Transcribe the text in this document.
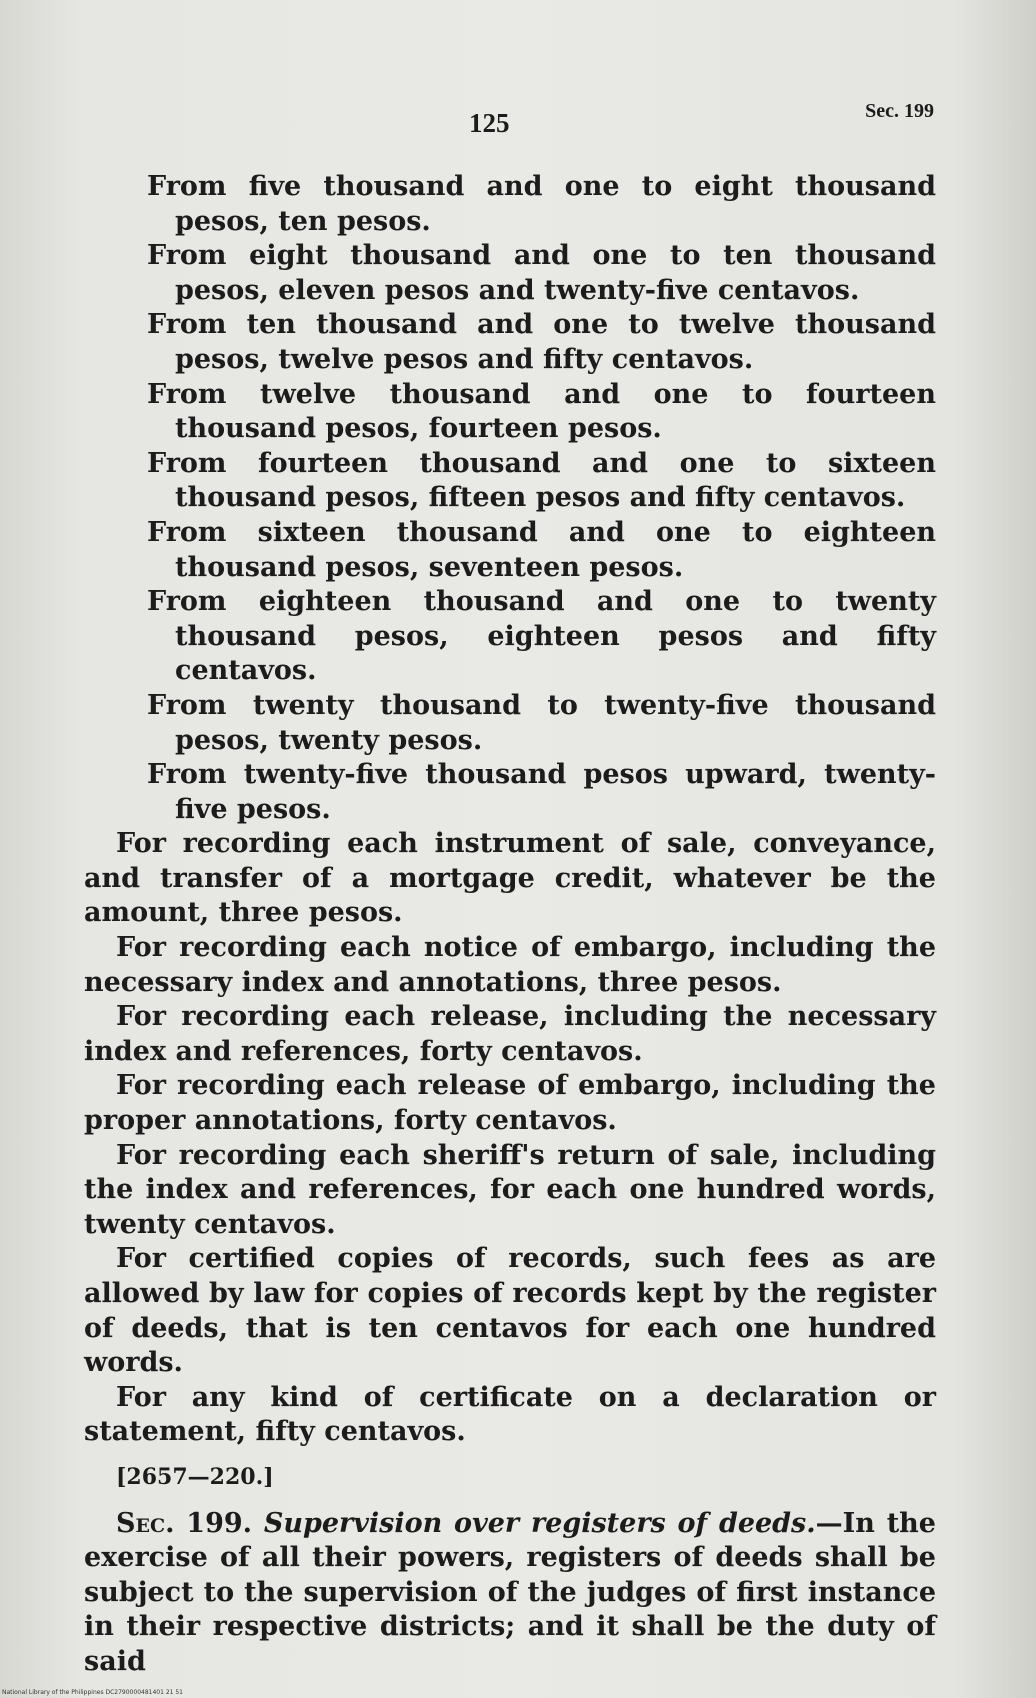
125	Sec. 199

From five thousand and one to eight thousand pesos, ten pesos.

From eight thousand and one to ten thousand pesos, eleven pesos and twenty-five centavos.

From ten thousand and one to twelve thousand pesos, twelve pesos and fifty centavos.

From twelve thousand and one to fourteen thousand pesos, fourteen pesos.

From fourteen thousand and one to sixteen thousand pesos, fifteen pesos and fifty centavos.

From sixteen thousand and one to eighteen thousand pesos, seventeen pesos.

From eighteen thousand and one to twenty thousand pesos, eighteen pesos and fifty centavos.

From twenty thousand to twenty-five thousand pesos, twenty pesos.

From twenty-five thousand pesos upward, twenty-five pesos.

For recording each instrument of sale, conveyance, and transfer of a mortgage credit, whatever be the amount, three pesos.

For recording each notice of embargo, including the necessary index and annotations, three pesos.

For recording each release, including the necessary index and references, forty centavos.

For recording each release of embargo, including the proper annotations, forty centavos.

For recording each sheriff's return of sale, including the index and references, for each one hundred words, twenty centavos.

For certified copies of records, such fees as are allowed by law for copies of records kept by the register of deeds, that is ten centavos for each one hundred words.

For any kind of certificate on a declaration or statement, fifty centavos.

[2657—220.]

Sec. 199. Supervision over registers of deeds.—In the exercise of all their powers, registers of deeds shall be subject to the supervision of the judges of first instance in their respective districts; and it shall be the duty of said

National Library of the Philippines DC2790000481401 21 51
